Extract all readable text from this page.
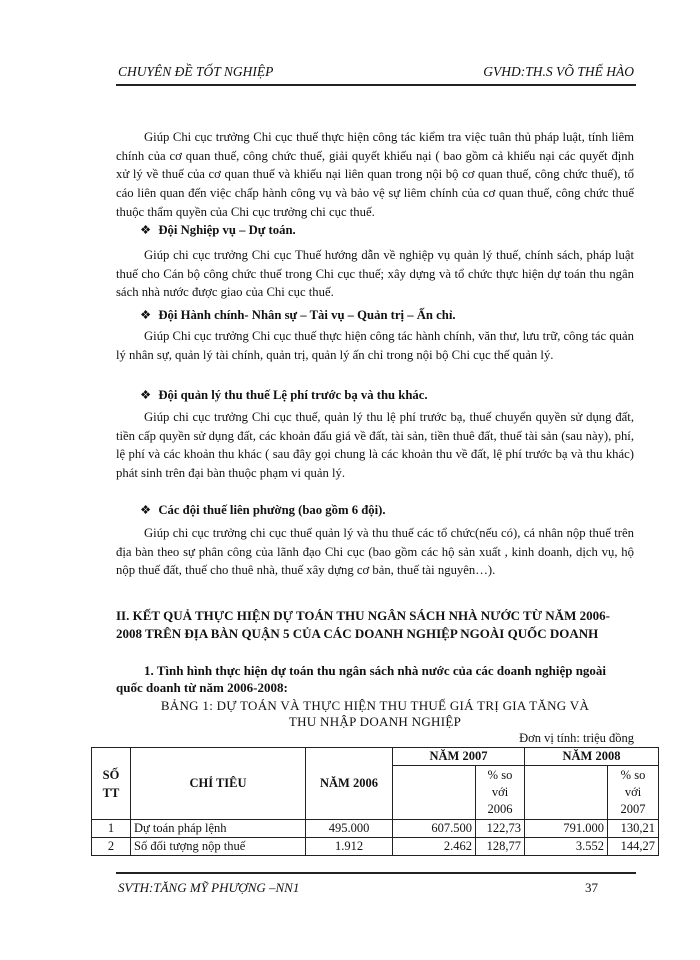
CHUYÊN ĐỀ TỐT NGHIỆP	GVHD:TH.S VÕ THẾ HÀO

Giúp Chi cục trưởng Chi cục thuế thực hiện công tác kiểm tra việc tuân thủ pháp luật, tính liêm chính của cơ quan thuế, công chức thuế, giải quyết khiếu nại ( bao gồm cả khiếu nại các quyết định xử lý về thuế của cơ quan thuế và khiếu nại liên quan trong nội bộ cơ quan thuế, công chức thuế), tố cáo liên quan đến việc chấp hành công vụ và bảo vệ sự liêm chính của cơ quan thuế, công chức thuế thuộc thẩm quyền của Chi cục trưởng chi cục thuế.

❖ Đội Nghiệp vụ – Dự toán.

Giúp chi cục trưởng Chi cục Thuế hướng dẫn về nghiệp vụ quản lý thuế, chính sách, pháp luật thuế cho Cán bộ công chức thuế trong Chi cục thuế; xây dựng và tổ chức thực hiện dự toán thu ngân sách nhà nước được giao của Chi cục thuế.

❖ Đội Hành chính- Nhân sự – Tài vụ – Quản trị – Ấn chỉ.

Giúp Chi cục trưởng Chi cục thuế thực hiện công tác hành chính, văn thư, lưu trữ, công tác quản lý nhân sự, quản lý tài chính, quản trị, quản lý ấn chỉ trong nội bộ Chi cục thế quản lý.

❖ Đội quản lý thu thuế Lệ phí trước bạ và thu khác.

Giúp chi cục trưởng Chi cục thuế, quản lý thu lệ phí trước bạ, thuế chuyển quyền sử dụng đất, tiền cấp quyền sử dụng đất, các khoản đấu giá về đất, tài sản, tiền thuê đất, thuế tài sản (sau này), phí, lệ phí và các khoản thu khác ( sau đây gọi chung là các khoản thu về đất, lệ phí trước bạ và thu khác) phát sinh trên đại bàn thuộc phạm vi quản lý.

❖ Các đội thuế liên phường (bao gồm 6 đội).

Giúp chi cục trưởng chi cục thuế quản lý và thu thuế các tổ chức(nếu có), cá nhân nộp thuế trên địa bàn theo sự phân công của lãnh đạo Chi cục (bao gồm các hộ sản xuất , kinh doanh, dịch vụ, hộ nộp thuế đất, thuế cho thuê nhà, thuế xây dựng cơ bản, thuế tài nguyên…).

II. KẾT QUẢ THỰC HIỆN DỰ TOÁN THU NGÂN SÁCH NHÀ NƯỚC TỪ NĂM 2006-2008 TRÊN ĐỊA BÀN QUẬN 5 CỦA CÁC DOANH NGHIỆP NGOÀI QUỐC DOANH
1. Tình hình thực hiện dự toán thu ngân sách nhà nước của các doanh nghiệp ngoài quốc doanh từ năm 2006-2008:
BẢNG 1: DỰ TOÁN VÀ THỰC HIỆN THU THUẾ GIÁ TRỊ GIA TĂNG VÀ
THU NHẬP DOANH NGHIỆP
Đơn vị tính: triệu đồng
SỐ TT	CHỈ TIÊU	NĂM 2006	NĂM 2007		NĂM 2008	
				% so với 2006		% so với 2007
1	Dự toán pháp lệnh	495.000	607.500	122,73	791.000	130,21
2	Số đối tượng nộp thuế	1.912	2.462	128,77	3.552	144,27
SVTH:TĂNG MỸ PHƯỢNG –NN1	37
